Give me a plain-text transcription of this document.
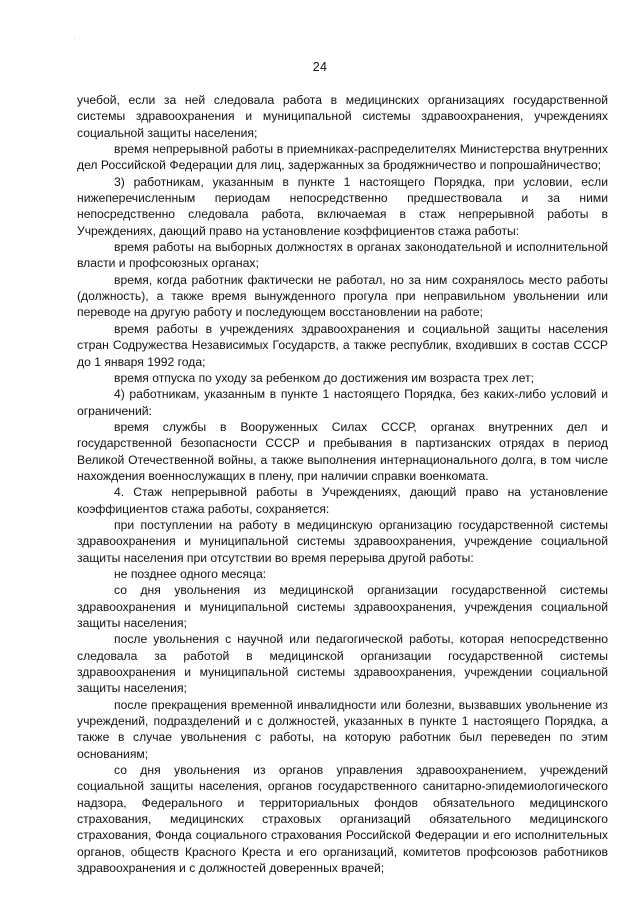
24

учебой, если за ней следовала работа в медицинских организациях государственной системы здравоохранения и муниципальной системы здравоохранения, учреждениях социальной защиты населения;

время непрерывной работы в приемниках-распределителях Министерства внутренних дел Российской Федерации для лиц, задержанных за бродяжничество и попрошайничество;

3) работникам, указанным в пункте 1 настоящего Порядка, при условии, если нижеперечисленным периодам непосредственно предшествовала и за ними непосредственно следовала работа, включаемая в стаж непрерывной работы в Учреждениях, дающий право на установление коэффициентов стажа работы:

время работы на выборных должностях в органах законодательной и исполнительной власти и профсоюзных органах;

время, когда работник фактически не работал, но за ним сохранялось место работы (должность), а также время вынужденного прогула при неправильном увольнении или переводе на другую работу и последующем восстановлении на работе;

время работы в учреждениях здравоохранения и социальной защиты населения стран Содружества Независимых Государств, а также республик, входивших в состав СССР до 1 января 1992 года;

время отпуска по уходу за ребенком до достижения им возраста трех лет;

4) работникам, указанным в пункте 1 настоящего Порядка, без каких-либо условий и ограничений:

время службы в Вооруженных Силах СССР, органах внутренних дел и государственной безопасности СССР и пребывания в партизанских отрядах в период Великой Отечественной войны, а также выполнения интернационального долга, в том числе нахождения военнослужащих в плену, при наличии справки военкомата.

4. Стаж непрерывной работы в Учреждениях, дающий право на установление коэффициентов стажа работы, сохраняется:

при поступлении на работу в медицинскую организацию государственной системы здравоохранения и муниципальной системы здравоохранения, учреждение социальной защиты населения при отсутствии во время перерыва другой работы:

не позднее одного месяца:

со дня увольнения из медицинской организации государственной системы здравоохранения и муниципальной системы здравоохранения, учреждения социальной защиты населения;

после увольнения с научной или педагогической работы, которая непосредственно следовала за работой в медицинской организации государственной системы здравоохранения и муниципальной системы здравоохранения, учреждении социальной защиты населения;

после прекращения временной инвалидности или болезни, вызвавших увольнение из учреждений, подразделений и с должностей, указанных в пункте 1 настоящего Порядка, а также в случае увольнения с работы, на которую работник был переведен по этим основаниям;

со дня увольнения из органов управления здравоохранением, учреждений социальной защиты населения, органов государственного санитарно-эпидемиологического надзора, Федерального и территориальных фондов обязательного медицинского страхования, медицинских страховых организаций обязательного медицинского страхования, Фонда социального страхования Российской Федерации и его исполнительных органов, обществ Красного Креста и его организаций, комитетов профсоюзов работников здравоохранения и с должностей доверенных врачей;
